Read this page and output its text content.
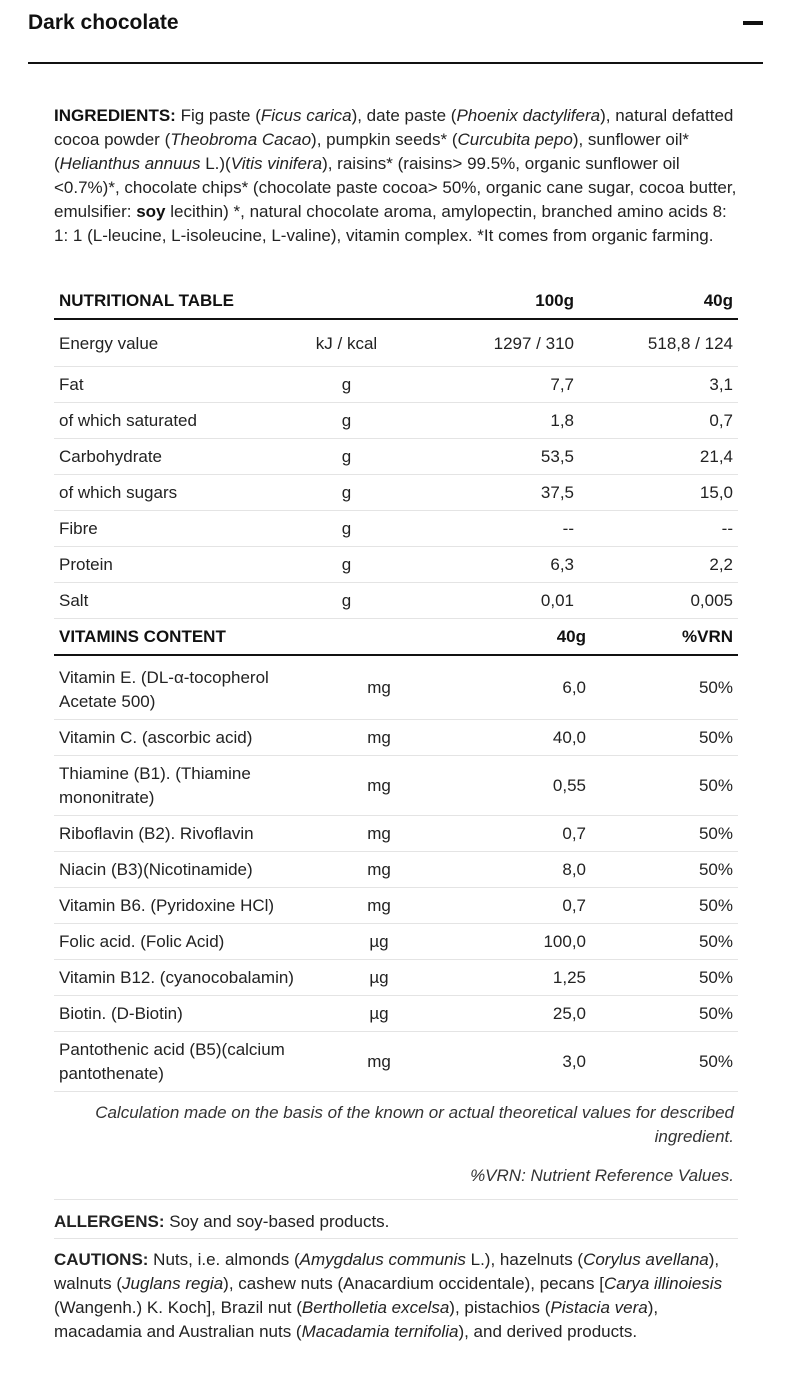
Dark chocolate
INGREDIENTS: Fig paste (Ficus carica), date paste (Phoenix dactylifera), natural defatted cocoa powder (Theobroma Cacao), pumpkin seeds* (Curcubita pepo), sunflower oil* (Helianthus annuus L.)(Vitis vinifera), raisins* (raisins> 99.5%, organic sunflower oil <0.7%)*, chocolate chips* (chocolate paste cocoa> 50%, organic cane sugar, cocoa butter, emulsifier: soy lecithin) *, natural chocolate aroma, amylopectin, branched amino acids 8: 1: 1 (L-leucine, L-isoleucine, L-valine), vitamin complex. *It comes from organic farming.
NUTRITIONAL TABLE		100g	40g
Energy value	kJ / kcal	1297 / 310	518,8 / 124
Fat	g	7,7	3,1
of which saturated	g	1,8	0,7
Carbohydrate	g	53,5	21,4
of which sugars	g	37,5	15,0
Fibre	g	--	--
Protein	g	6,3	2,2
Salt	g	0,01	0,005
VITAMINS CONTENT		40g	%VRN
Vitamin E. (DL-α-tocopherol Acetate 500)	mg	6,0	50%
Vitamin C. (ascorbic acid)	mg	40,0	50%
Thiamine (B1). (Thiamine mononitrate)	mg	0,55	50%
Riboflavin (B2). Rivoflavin	mg	0,7	50%
Niacin (B3)(Nicotinamide)	mg	8,0	50%
Vitamin B6. (Pyridoxine HCl)	mg	0,7	50%
Folic acid. (Folic Acid)	µg	100,0	50%
Vitamin B12. (cyanocobalamin)	µg	1,25	50%
Biotin. (D-Biotin)	µg	25,0	50%
Pantothenic acid (B5)(calcium pantothenate)	mg	3,0	50%
Calculation made on the basis of the known or actual theoretical values for described ingredient.
%VRN: Nutrient Reference Values.
ALLERGENS: Soy and soy-based products.
CAUTIONS: Nuts, i.e. almonds (Amygdalus communis L.), hazelnuts (Corylus avellana), walnuts (Juglans regia), cashew nuts (Anacardium occidentale), pecans [Carya illinoiesis (Wangenh.) K. Koch], Brazil nut (Bertholletia excelsa), pistachios (Pistacia vera), macadamia and Australian nuts (Macadamia ternifolia), and derived products.
